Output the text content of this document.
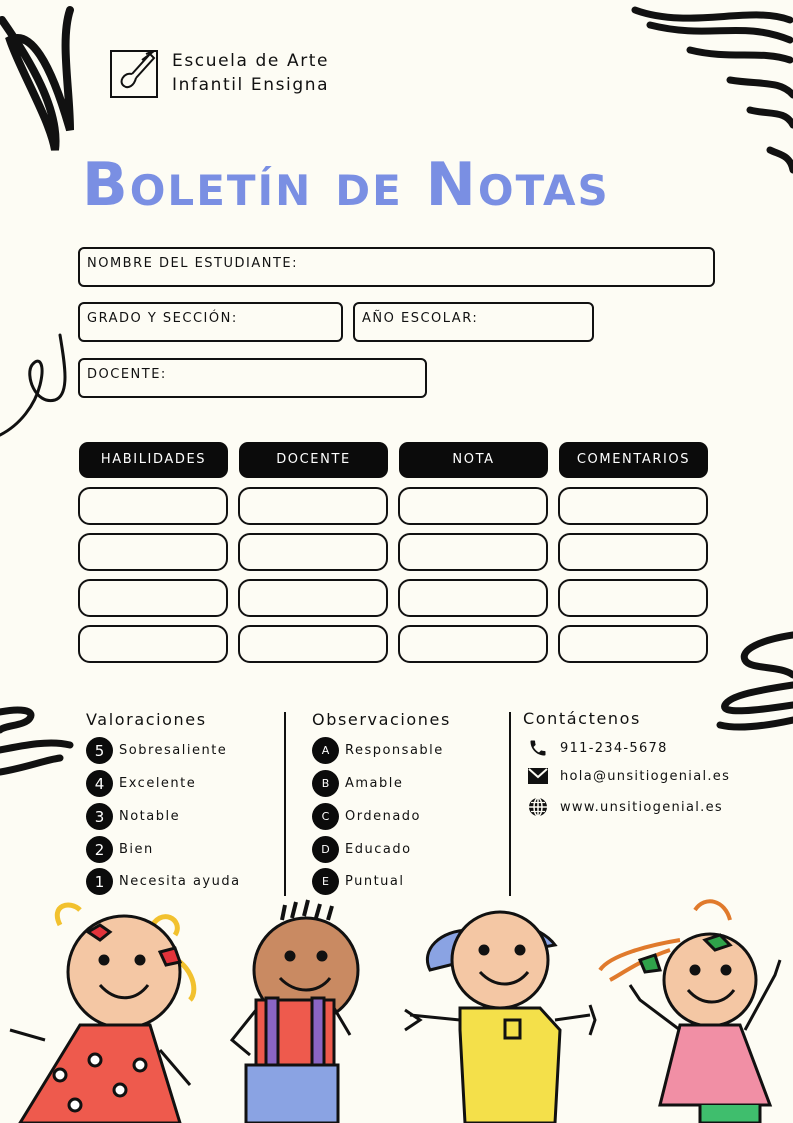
Escuela de Arte
Infantil Ensigna
Boletín de Notas
NOMBRE DEL ESTUDIANTE:
GRADO Y SECCIÓN:	AÑO ESCOLAR:
DOCENTE:
HABILIDADES	DOCENTE	NOTA	COMENTARIOS
Valoraciones
5	Sobresaliente
4	Excelente
3	Notable
2	Bien
1	Necesita ayuda
Observaciones
A	Responsable
B	Amable
C	Ordenado
D	Educado
E	Puntual
Contáctenos
911-234-5678
hola@unsitiogenial.es
www.unsitiogenial.es
